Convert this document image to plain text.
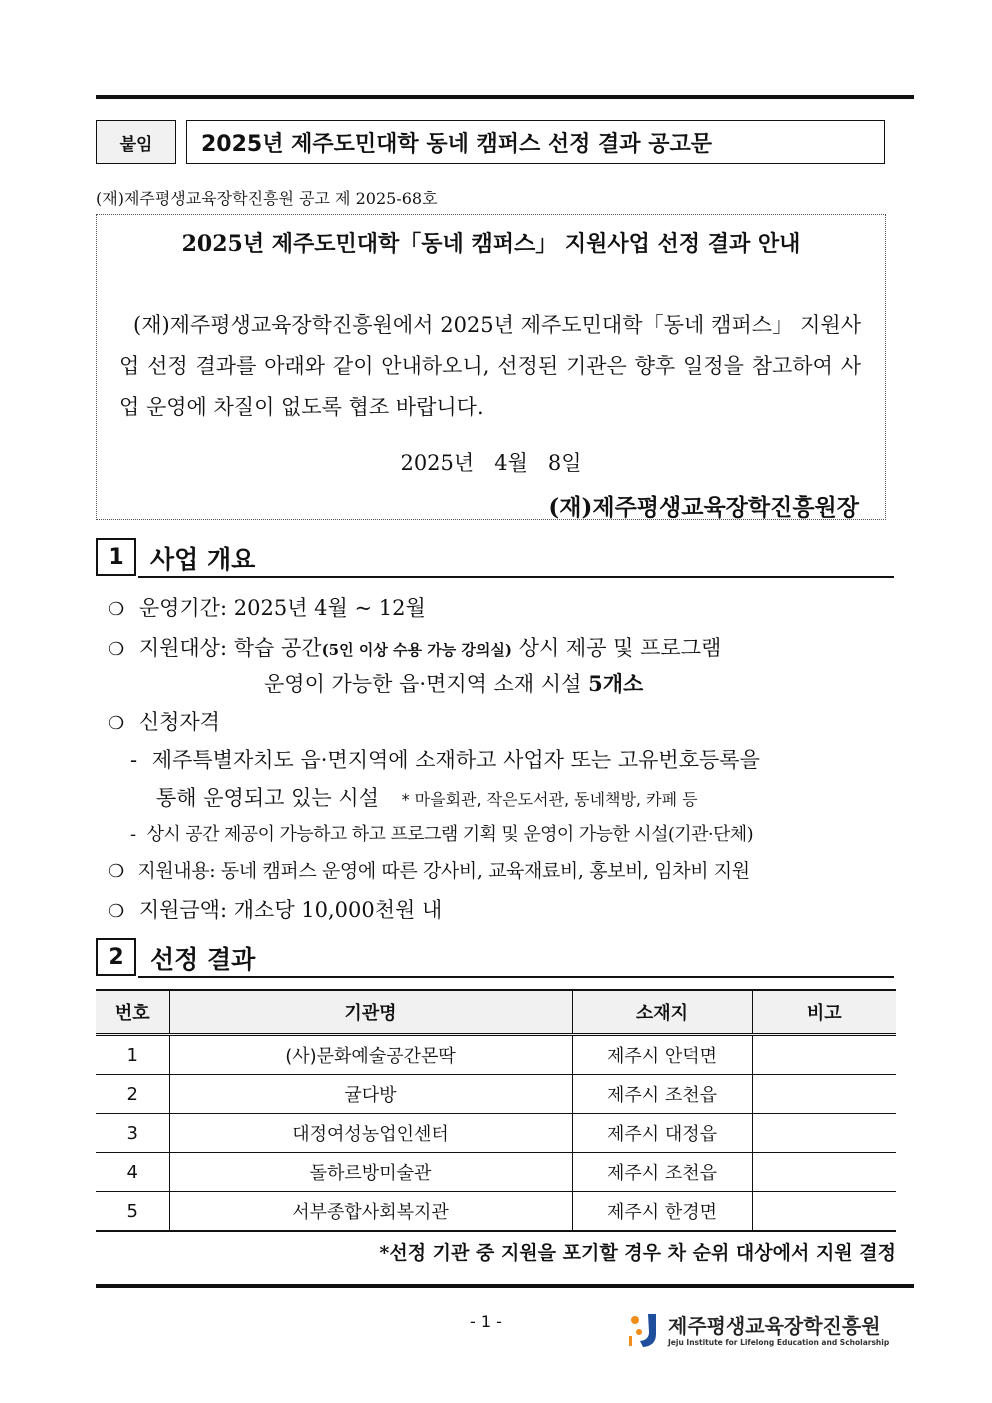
붙임	2025년 제주도민대학 동네 캠퍼스 선정 결과 공고문
(재)제주평생교육장학진흥원 공고 제 2025-68호
2025년 제주도민대학「동네 캠퍼스」 지원사업 선정 결과 안내
(재)제주평생교육장학진흥원에서 2025년 제주도민대학「동네 캠퍼스」 지원사업 선정 결과를 아래와 같이 안내하오니, 선정된 기관은 향후 일정을 참고하여 사업 운영에 차질이 없도록 협조 바랍니다.
2025년   4월   8일
(재)제주평생교육장학진흥원장
1	사업 개요
❍ 운영기간: 2025년 4월 ~ 12월
❍ 지원대상: 학습 공간(5인 이상 수용 가능 강의실) 상시 제공 및 프로그램
운영이 가능한 읍·면지역 소재 시설 5개소
❍ 신청자격
- 제주특별자치도 읍·면지역에 소재하고 사업자 또는 고유번호등록을
통해 운영되고 있는 시설 * 마을회관, 작은도서관, 동네책방, 카페 등
- 상시 공간 제공이 가능하고 하고 프로그램 기획 및 운영이 가능한 시설(기관·단체)
❍ 지원내용: 동네 캠퍼스 운영에 따른 강사비, 교육재료비, 홍보비, 임차비 지원
❍ 지원금액: 개소당 10,000천원 내
2	선정 결과
번호	기관명	소재지	비고
1	(사)문화예술공간몬딱	제주시 안덕면	
2	귤다방	제주시 조천읍	
3	대정여성농업인센터	제주시 대정읍	
4	돌하르방미술관	제주시 조천읍	
5	서부종합사회복지관	제주시 한경면	
*선정 기관 중 지원을 포기할 경우 차 순위 대상에서 지원 결정
- 1 -	제주평생교육장학진흥원
Jeju Institute for Lifelong Education and Scholarship
